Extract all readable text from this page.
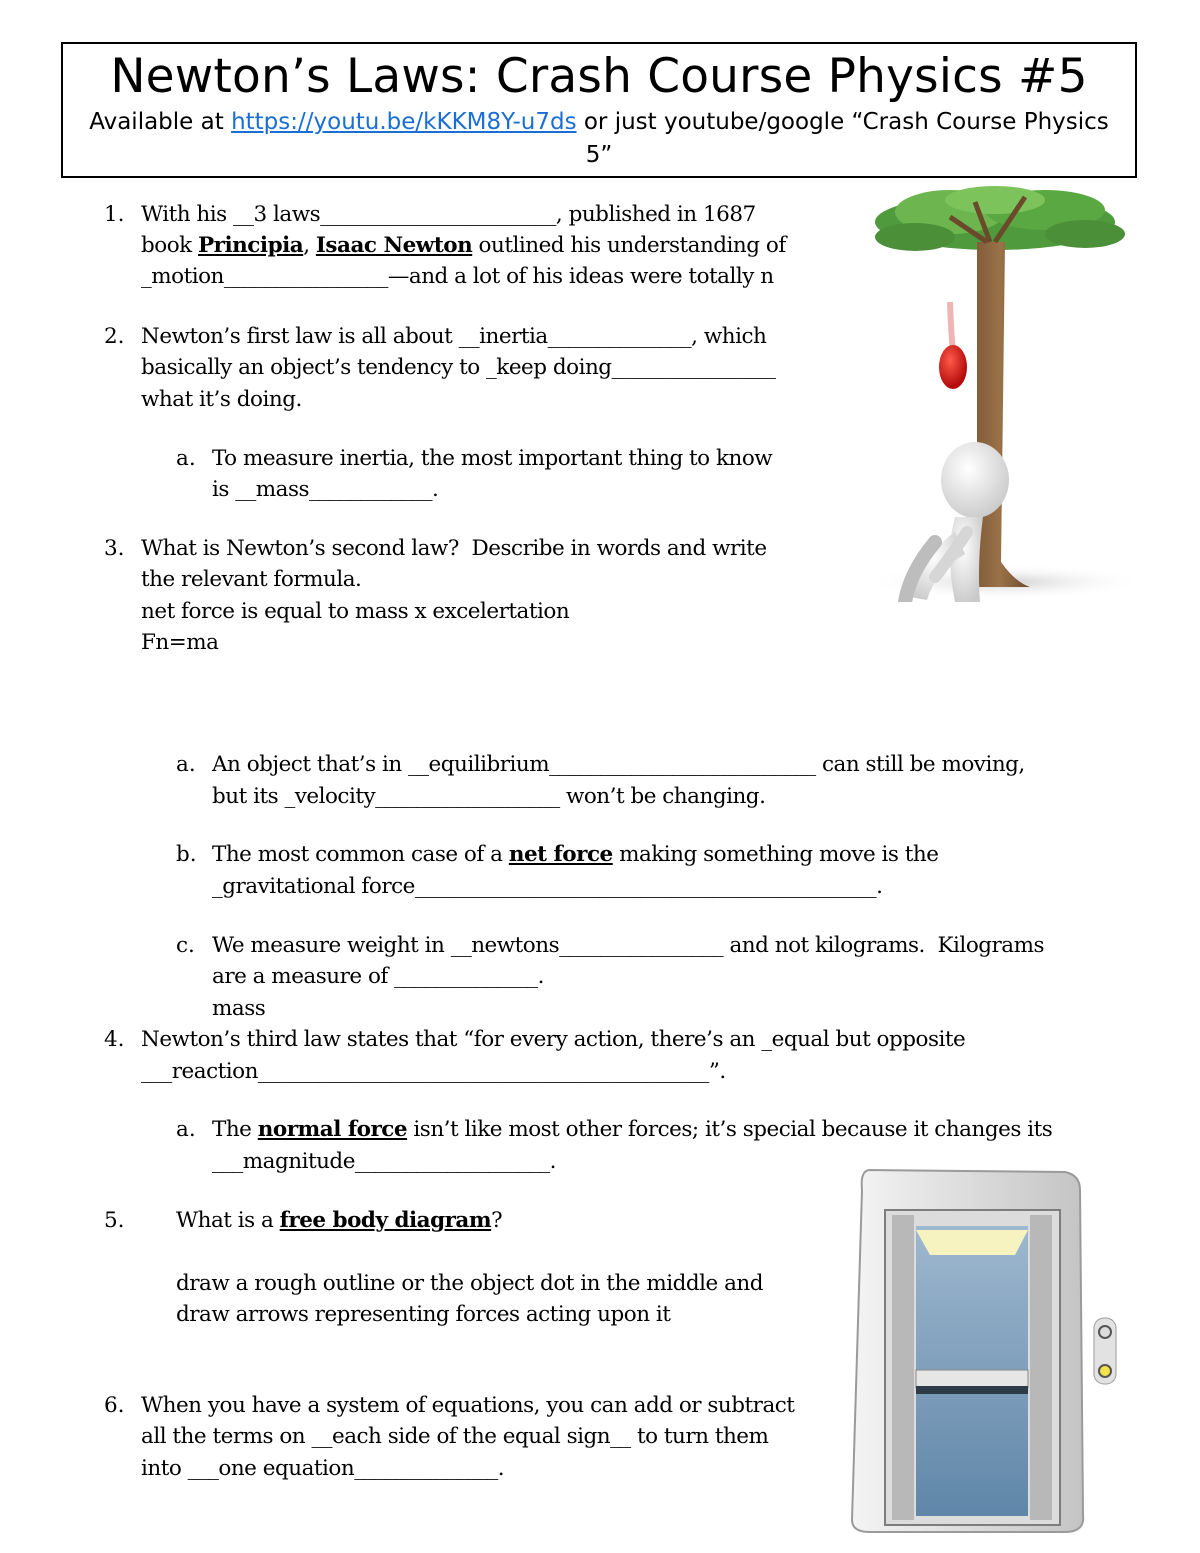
Newton’s Laws: Crash Course Physics #5
Available at https://youtu.be/kKKM8Y-u7ds or just youtube/google “Crash Course Physics 5”
1. With his __3 laws_______________________, published in 1687
book Principia, Isaac Newton outlined his understanding of
_motion________________—and a lot of his ideas were totally n
2. Newton’s first law is all about __inertia______________, which
basically an object’s tendency to _keep doing________________
what it’s doing.
a. To measure inertia, the most important thing to know
is __mass____________.
3. What is Newton’s second law?  Describe in words and write
the relevant formula.
net force is equal to mass x excelertation
Fn=ma
a. An object that’s in __equilibrium__________________________ can still be moving,
but its _velocity__________________ won’t be changing.
b. The most common case of a net force making something move is the
_gravitational force_____________________________________________.
c. We measure weight in __newtons________________ and not kilograms.  Kilograms
are a measure of ______________.
mass
4. Newton’s third law states that “for every action, there’s an _equal but opposite
___reaction____________________________________________”.
a. The normal force isn’t like most other forces; it’s special because it changes its
___magnitude___________________.
5. What is a free body diagram?
draw a rough outline or the object dot in the middle and
draw arrows representing forces acting upon it
6. When you have a system of equations, you can add or subtract
all the terms on __each side of the equal sign__ to turn them
into ___one equation______________.
